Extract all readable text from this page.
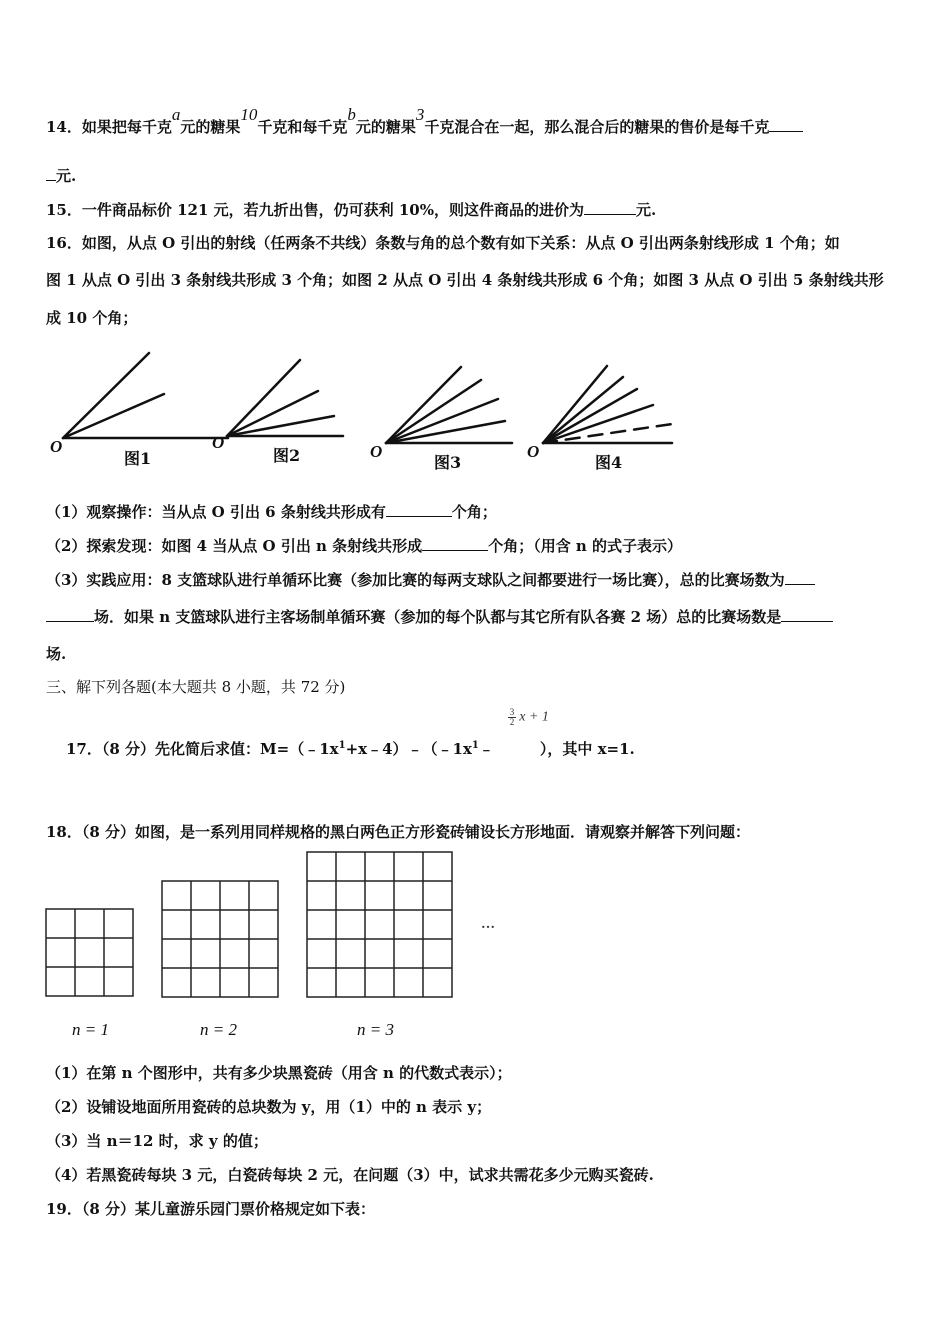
14．如果把每千克a元的糖果10千克和每千克b元的糖果3千克混合在一起，那么混合后的糖果的售价是每千克
元.
15．一件商品标价 121 元，若九折出售，仍可获利 10%，则这件商品的进价为	元.
16．如图，从点 O 引出的射线（任两条不共线）条数与角的总个数有如下关系：从点 O 引出两条射线形成 1 个角；如
图 1 从点 O 引出 3 条射线共形成 3 个角；如图 2 从点 O 引出 4 条射线共形成 6 个角；如图 3 从点 O 引出 5 条射线共形
成 10 个角；
O	O	O	O
图1	图2	图3	图4
（1）观察操作：当从点 O 引出 6 条射线共形成有	个角；
（2）探索发现：如图 4 当从点 O 引出 n 条射线共形成	个角；（用含 n 的式子表示）
（3）实践应用：8 支篮球队进行单循环比赛（参加比赛的每两支球队之间都要进行一场比赛），总的比赛场数为
场．如果 n 支篮球队进行主客场制单循环赛（参加的每个队都与其它所有队各赛 2 场）总的比赛场数是
场.
三、解下列各题(本大题共 8 小题，共 72 分)
$\frac{3}{2}$ x + 1
17．（8 分）先化简后求值：$M=(﹣1x^1+x﹣4)﹣(﹣1x^1﹣$	），其中 x=1.
18．（8 分）如图，是一系列用同样规格的黑白两色正方形瓷砖铺设长方形地面．请观察并解答下列问题：
…
n = 1	n = 2	n = 3
（1）在第 n 个图形中，共有多少块黑瓷砖（用含 n 的代数式表示）；
（2）设铺设地面所用瓷砖的总块数为 y，用（1）中的 n 表示 y；
（3）当 n＝12 时，求 y 的值；
（4）若黑瓷砖每块 3 元，白瓷砖每块 2 元，在问题（3）中，试求共需花多少元购买瓷砖.
19．（8 分）某儿童游乐园门票价格规定如下表：
